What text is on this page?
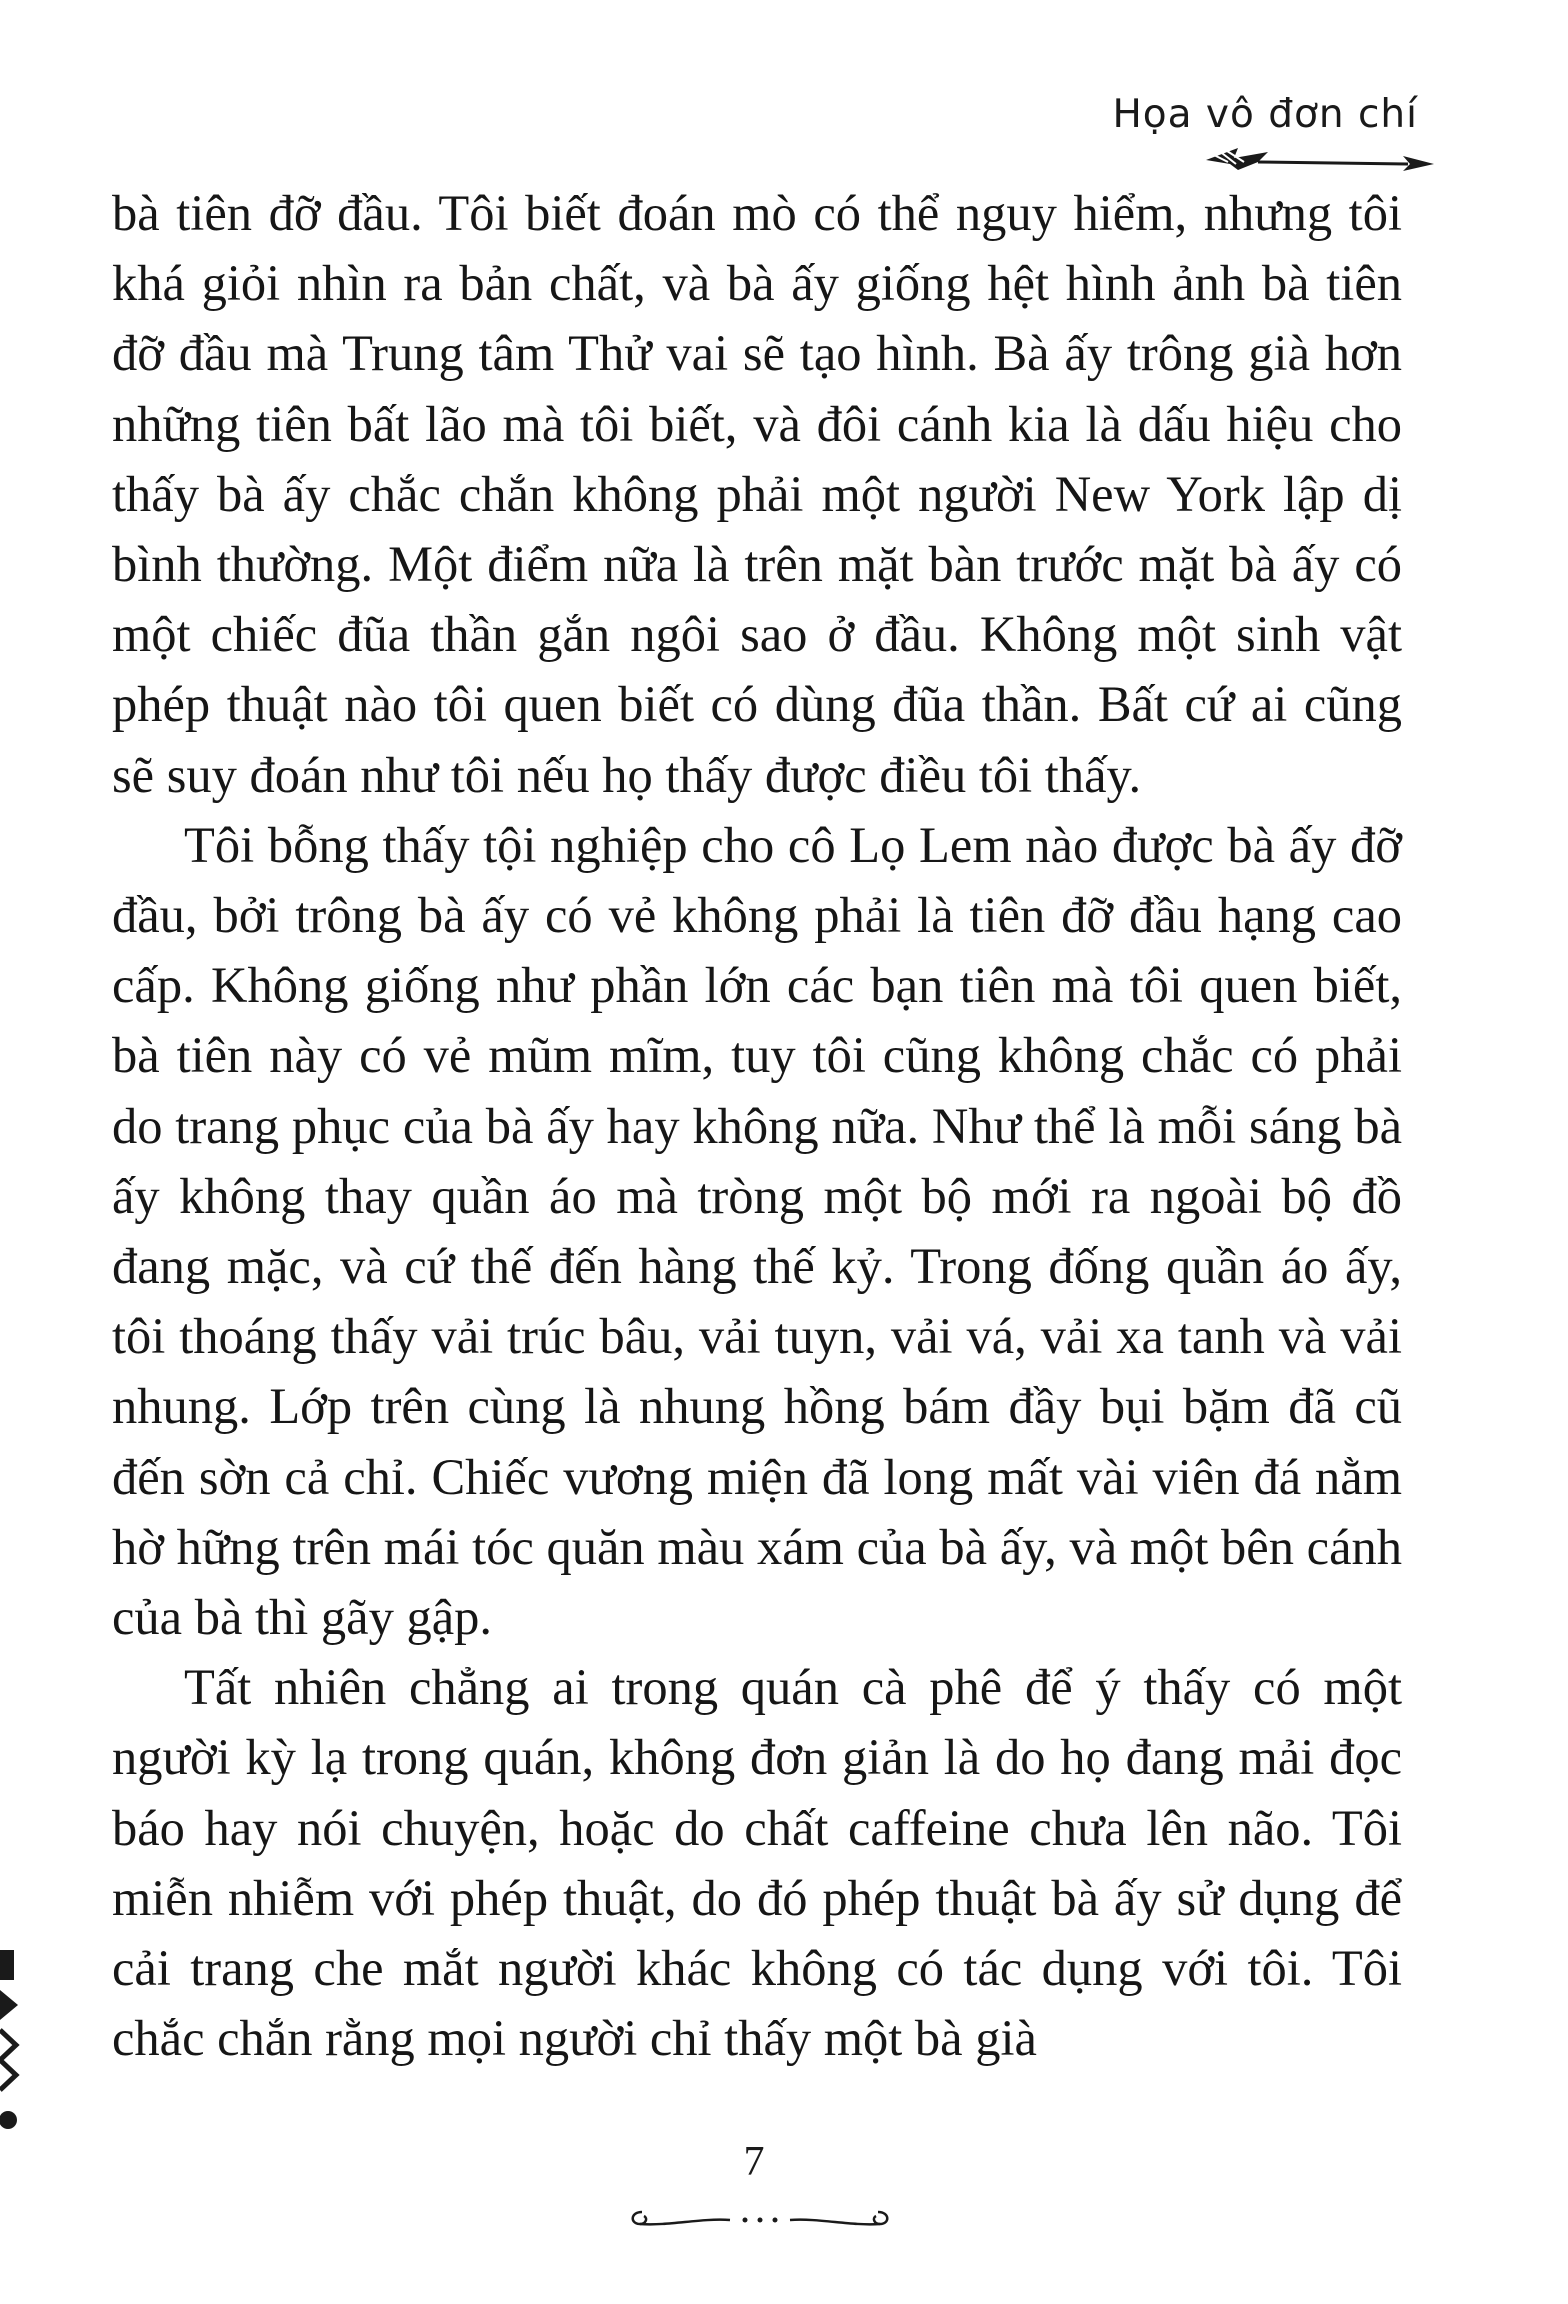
Họa vô đơn chí

bà tiên đỡ đầu. Tôi biết đoán mò có thể nguy hiểm, nhưng tôi khá giỏi nhìn ra bản chất, và bà ấy giống hệt hình ảnh bà tiên đỡ đầu mà Trung tâm Thử vai sẽ tạo hình. Bà ấy trông già hơn những tiên bất lão mà tôi biết, và đôi cánh kia là dấu hiệu cho thấy bà ấy chắc chắn không phải một người New York lập dị bình thường. Một điểm nữa là trên mặt bàn trước mặt bà ấy có một chiếc đũa thần gắn ngôi sao ở đầu. Không một sinh vật phép thuật nào tôi quen biết có dùng đũa thần. Bất cứ ai cũng sẽ suy đoán như tôi nếu họ thấy được điều tôi thấy.

Tôi bỗng thấy tội nghiệp cho cô Lọ Lem nào được bà ấy đỡ đầu, bởi trông bà ấy có vẻ không phải là tiên đỡ đầu hạng cao cấp. Không giống như phần lớn các bạn tiên mà tôi quen biết, bà tiên này có vẻ mũm mĩm, tuy tôi cũng không chắc có phải do trang phục của bà ấy hay không nữa. Như thể là mỗi sáng bà ấy không thay quần áo mà tròng một bộ mới ra ngoài bộ đồ đang mặc, và cứ thế đến hàng thế kỷ. Trong đống quần áo ấy, tôi thoáng thấy vải trúc bâu, vải tuyn, vải vá, vải xa tanh và vải nhung. Lớp trên cùng là nhung hồng bám đầy bụi bặm đã cũ đến sờn cả chỉ. Chiếc vương miện đã long mất vài viên đá nằm hờ hững trên mái tóc quăn màu xám của bà ấy, và một bên cánh của bà thì gãy gập.

Tất nhiên chẳng ai trong quán cà phê để ý thấy có một người kỳ lạ trong quán, không đơn giản là do họ đang mải đọc báo hay nói chuyện, hoặc do chất caffeine chưa lên não. Tôi miễn nhiễm với phép thuật, do đó phép thuật bà ấy sử dụng để cải trang che mắt người khác không có tác dụng với tôi. Tôi chắc chắn rằng mọi người chỉ thấy một bà già

7
